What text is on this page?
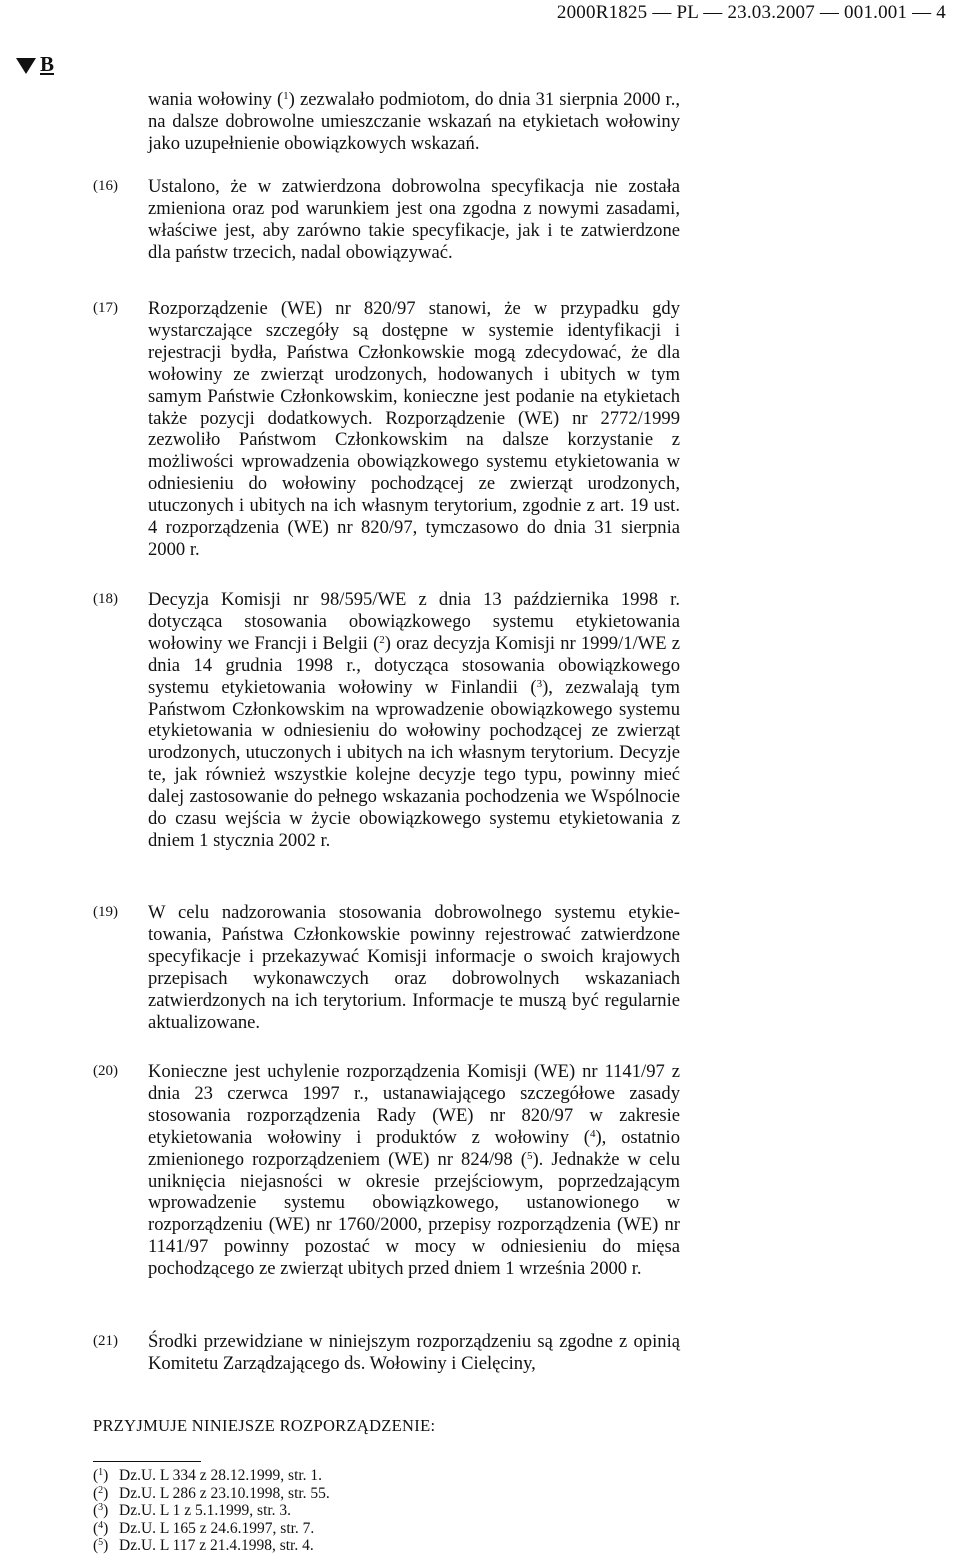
2000R1825 — PL — 23.03.2007 — 001.001 — 4
B
wania wołowiny ($^1$) zezwalało podmiotom, do dnia 31 sierpnia 2000 r., na dalsze dobrowolne umieszczanie wskazań na etykietach wołowiny jako uzupełnienie obowiązkowych wskazań.
(16) Ustalono, że w zatwierdzona dobrowolna specyfikacja nie została zmieniona oraz pod warunkiem jest ona zgodna z nowymi zasadami, właściwe jest, aby zarówno takie specyfikacje, jak i te zatwierdzone dla państw trzecich, nadal obowiązywać.
(17) Rozporządzenie (WE) nr 820/97 stanowi, że w przypadku gdy wystarczające szczegóły są dostępne w systemie identyfikacji i rejestracji bydła, Państwa Członkowskie mogą zdecydować, że dla wołowiny ze zwierząt urodzonych, hodowanych i ubitych w tym samym Państwie Członkowskim, konieczne jest podanie na etykietach także pozycji dodatkowych. Rozporządzenie (WE) nr 2772/1999 zezwoliło Państwom Członkowskim na dalsze korzystanie z możliwości wprowadzenia obowiązkowego systemu etykietowania w odniesieniu do wołowiny pochodzącej ze zwierząt urodzonych, utuczonych i ubitych na ich własnym terytorium, zgodnie z art. 19 ust. 4 rozporządzenia (WE) nr 820/97, tymczasowo do dnia 31 sierpnia 2000 r.
(18) Decyzja Komisji nr 98/595/WE z dnia 13 października 1998 r. dotycząca stosowania obowiązkowego systemu etykietowania wołowiny we Francji i Belgii ($^2$) oraz decyzja Komisji nr 1999/1/WE z dnia 14 grudnia 1998 r., dotycząca stosowania obowiązkowego systemu etykietowania wołowiny w Finlandii ($^3$), zezwalają tym Państwom Członkowskim na wprowadzenie obowiązkowego systemu etykietowania w odniesieniu do wołowiny pochodzącej ze zwierząt urodzonych, utuczonych i ubitych na ich własnym terytorium. Decyzje te, jak również wszystkie kolejne decyzje tego typu, powinny mieć dalej zastosowanie do pełnego wskazania pochodzenia we Wspólnocie do czasu wejścia w życie obowiązkowego systemu etykietowania z dniem 1 stycznia 2002 r.
(19) W celu nadzorowania stosowania dobrowolnego systemu etykietowania, Państwa Członkowskie powinny rejestrować zatwierdzone specyfikacje i przekazywać Komisji informacje o swoich krajowych przepisach wykonawczych oraz dobrowolnych wskazaniach zatwierdzonych na ich terytorium. Informacje te muszą być regularnie aktualizowane.
(20) Konieczne jest uchylenie rozporządzenia Komisji (WE) nr 1141/97 z dnia 23 czerwca 1997 r., ustanawiającego szczegółowe zasady stosowania rozporządzenia Rady (WE) nr 820/97 w zakresie etykietowania wołowiny i produktów z wołowiny ($^4$), ostatnio zmienionego rozporządzeniem (WE) nr 824/98 ($^5$). Jednakże w celu uniknięcia niejasności w okresie przejściowym, poprzedzającym wprowadzenie systemu obowiązkowego, ustanowionego w rozporządzeniu (WE) nr 1760/2000, przepisy rozporządzenia (WE) nr 1141/97 powinny pozostać w mocy w odniesieniu do mięsa pochodzącego ze zwierząt ubitych przed dniem 1 września 2000 r.
(21) Środki przewidziane w niniejszym rozporządzeniu są zgodne z opinią Komitetu Zarządzającego ds. Wołowiny i Cielęciny,
PRZYJMUJE NINIEJSZE ROZPORZĄDZENIE:
($^1$) Dz.U. L 334 z 28.12.1999, str. 1.
($^2$) Dz.U. L 286 z 23.10.1998, str. 55.
($^3$) Dz.U. L 1 z 5.1.1999, str. 3.
($^4$) Dz.U. L 165 z 24.6.1997, str. 7.
($^5$) Dz.U. L 117 z 21.4.1998, str. 4.
